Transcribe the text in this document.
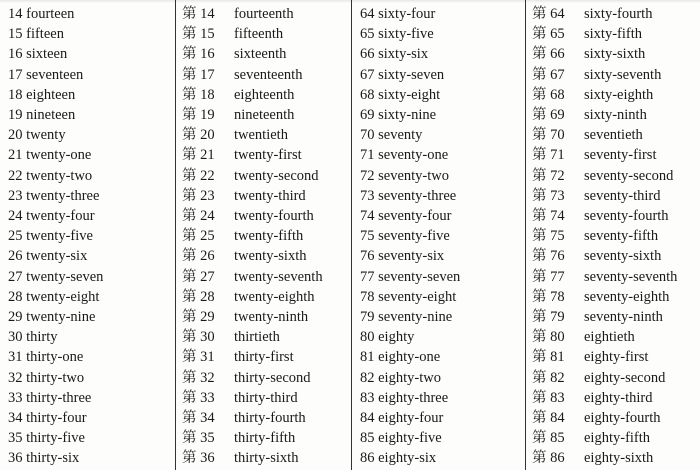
14 fourteen
15 fifteen
16 sixteen
17 seventeen
18 eighteen
19 nineteen
20 twenty
21 twenty-one
22 twenty-two
23 twenty-three
24 twenty-four
25 twenty-five
26 twenty-six
27 twenty-seven
28 twenty-eight
29 twenty-nine
30 thirty
31 thirty-one
32 thirty-two
33 thirty-three
34 thirty-four
35 thirty-five
36 thirty-six
第 14 fourteenth
第 15 fifteenth
第 16 sixteenth
第 17 seventeenth
第 18 eighteenth
第 19 nineteenth
第 20 twentieth
第 21 twenty-first
第 22 twenty-second
第 23 twenty-third
第 24 twenty-fourth
第 25 twenty-fifth
第 26 twenty-sixth
第 27 twenty-seventh
第 28 twenty-eighth
第 29 twenty-ninth
第 30 thirtieth
第 31 thirty-first
第 32 thirty-second
第 33 thirty-third
第 34 thirty-fourth
第 35 thirty-fifth
第 36 thirty-sixth
64 sixty-four
65 sixty-five
66 sixty-six
67 sixty-seven
68 sixty-eight
69 sixty-nine
70 seventy
71 seventy-one
72 seventy-two
73 seventy-three
74 seventy-four
75 seventy-five
76 seventy-six
77 seventy-seven
78 seventy-eight
79 seventy-nine
80 eighty
81 eighty-one
82 eighty-two
83 eighty-three
84 eighty-four
85 eighty-five
86 eighty-six
第 64 sixty-fourth
第 65 sixty-fifth
第 66 sixty-sixth
第 67 sixty-seventh
第 68 sixty-eighth
第 69 sixty-ninth
第 70 seventieth
第 71 seventy-first
第 72 seventy-second
第 73 seventy-third
第 74 seventy-fourth
第 75 seventy-fifth
第 76 seventy-sixth
第 77 seventy-seventh
第 78 seventy-eighth
第 79 seventy-ninth
第 80 eightieth
第 81 eighty-first
第 82 eighty-second
第 83 eighty-third
第 84 eighty-fourth
第 85 eighty-fifth
第 86 eighty-sixth
